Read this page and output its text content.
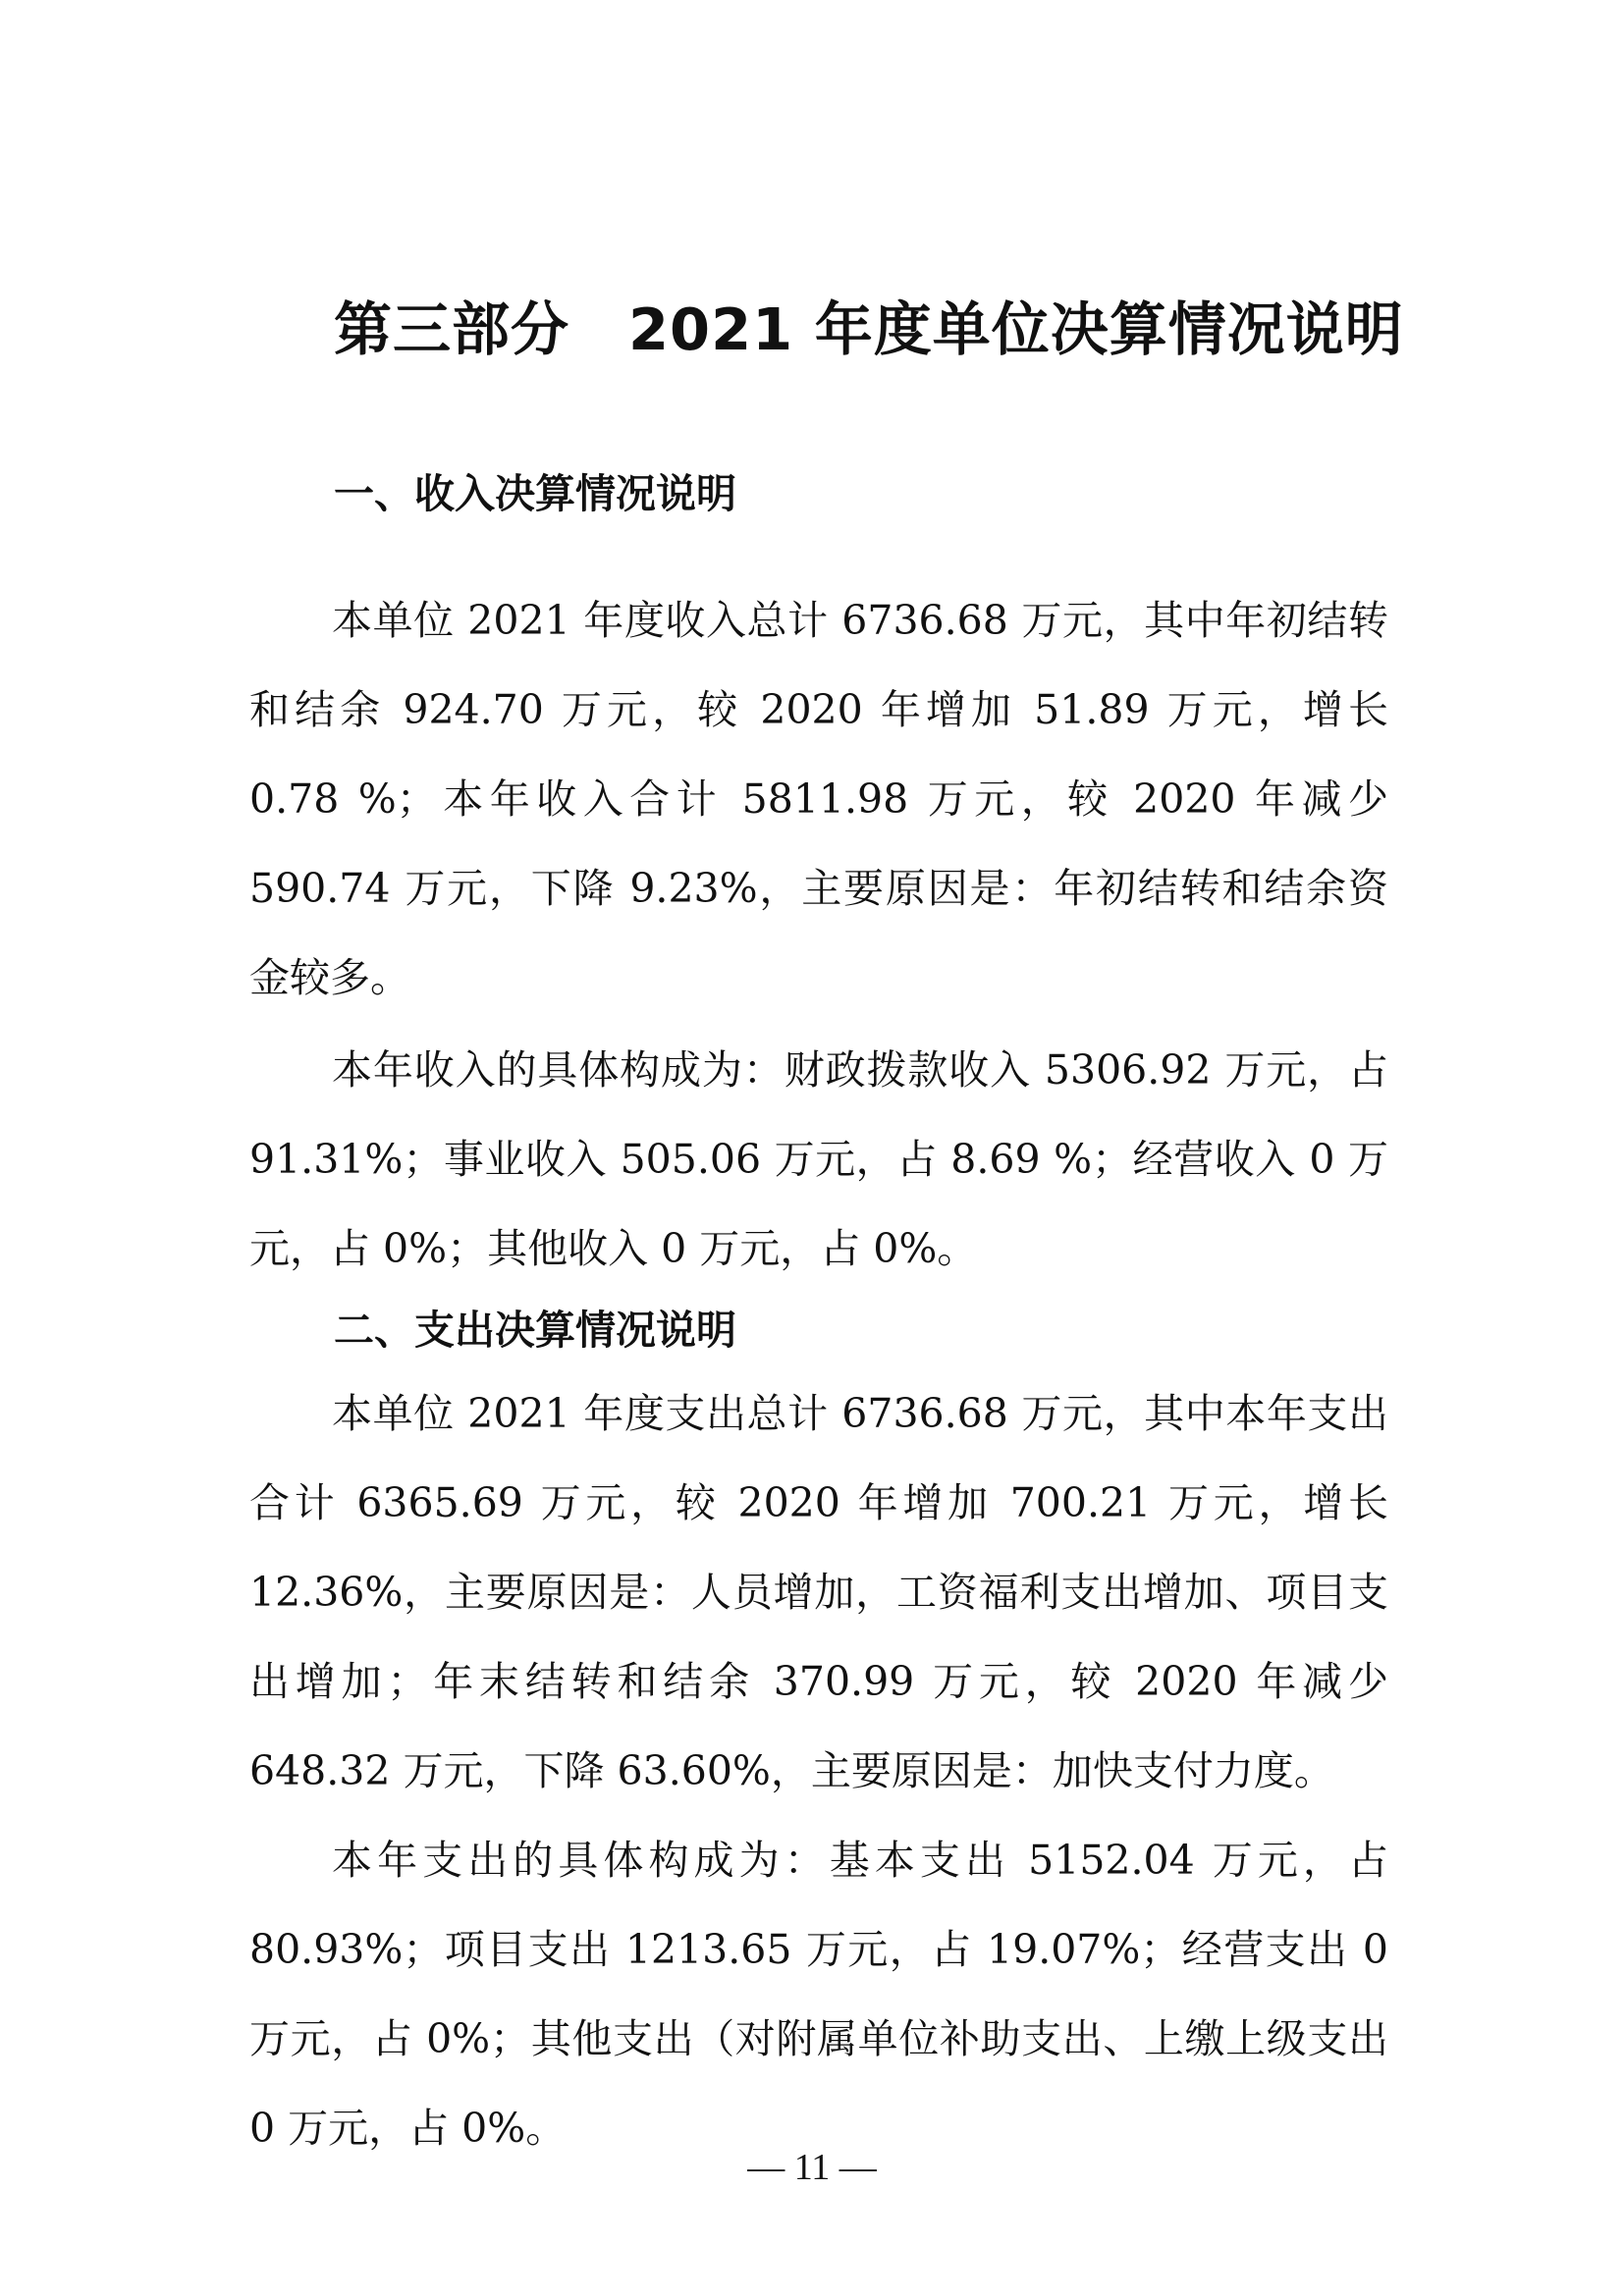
第三部分　2021 年度单位决算情况说明
一、收入决算情况说明

本单位 2021 年度收入总计 6736.68 万元，其中年初结转和结余 924.70 万元，较 2020 年增加 51.89 万元，增长 0.78 %；本年收入合计 5811.98 万元，较 2020 年减少 590.74 万元，下降 9.23%，主要原因是：年初结转和结余资金较多。

本年收入的具体构成为：财政拨款收入 5306.92 万元，占 91.31%；事业收入 505.06 万元，占 8.69 %；经营收入 0 万元，占 0%；其他收入 0 万元，占 0%。

二、支出决算情况说明

本单位 2021 年度支出总计 6736.68 万元，其中本年支出合计 6365.69 万元，较 2020 年增加 700.21 万元，增长 12.36%，主要原因是：人员增加，工资福利支出增加、项目支出增加；年末结转和结余 370.99 万元，较 2020 年减少 648.32 万元，下降 63.60%，主要原因是：加快支付力度。

本年支出的具体构成为：基本支出 5152.04 万元，占 80.93%；项目支出 1213.65 万元，占 19.07%；经营支出 0 万元，占 0%；其他支出（对附属单位补助支出、上缴上级支出 0 万元，占 0%。

— 11 —
